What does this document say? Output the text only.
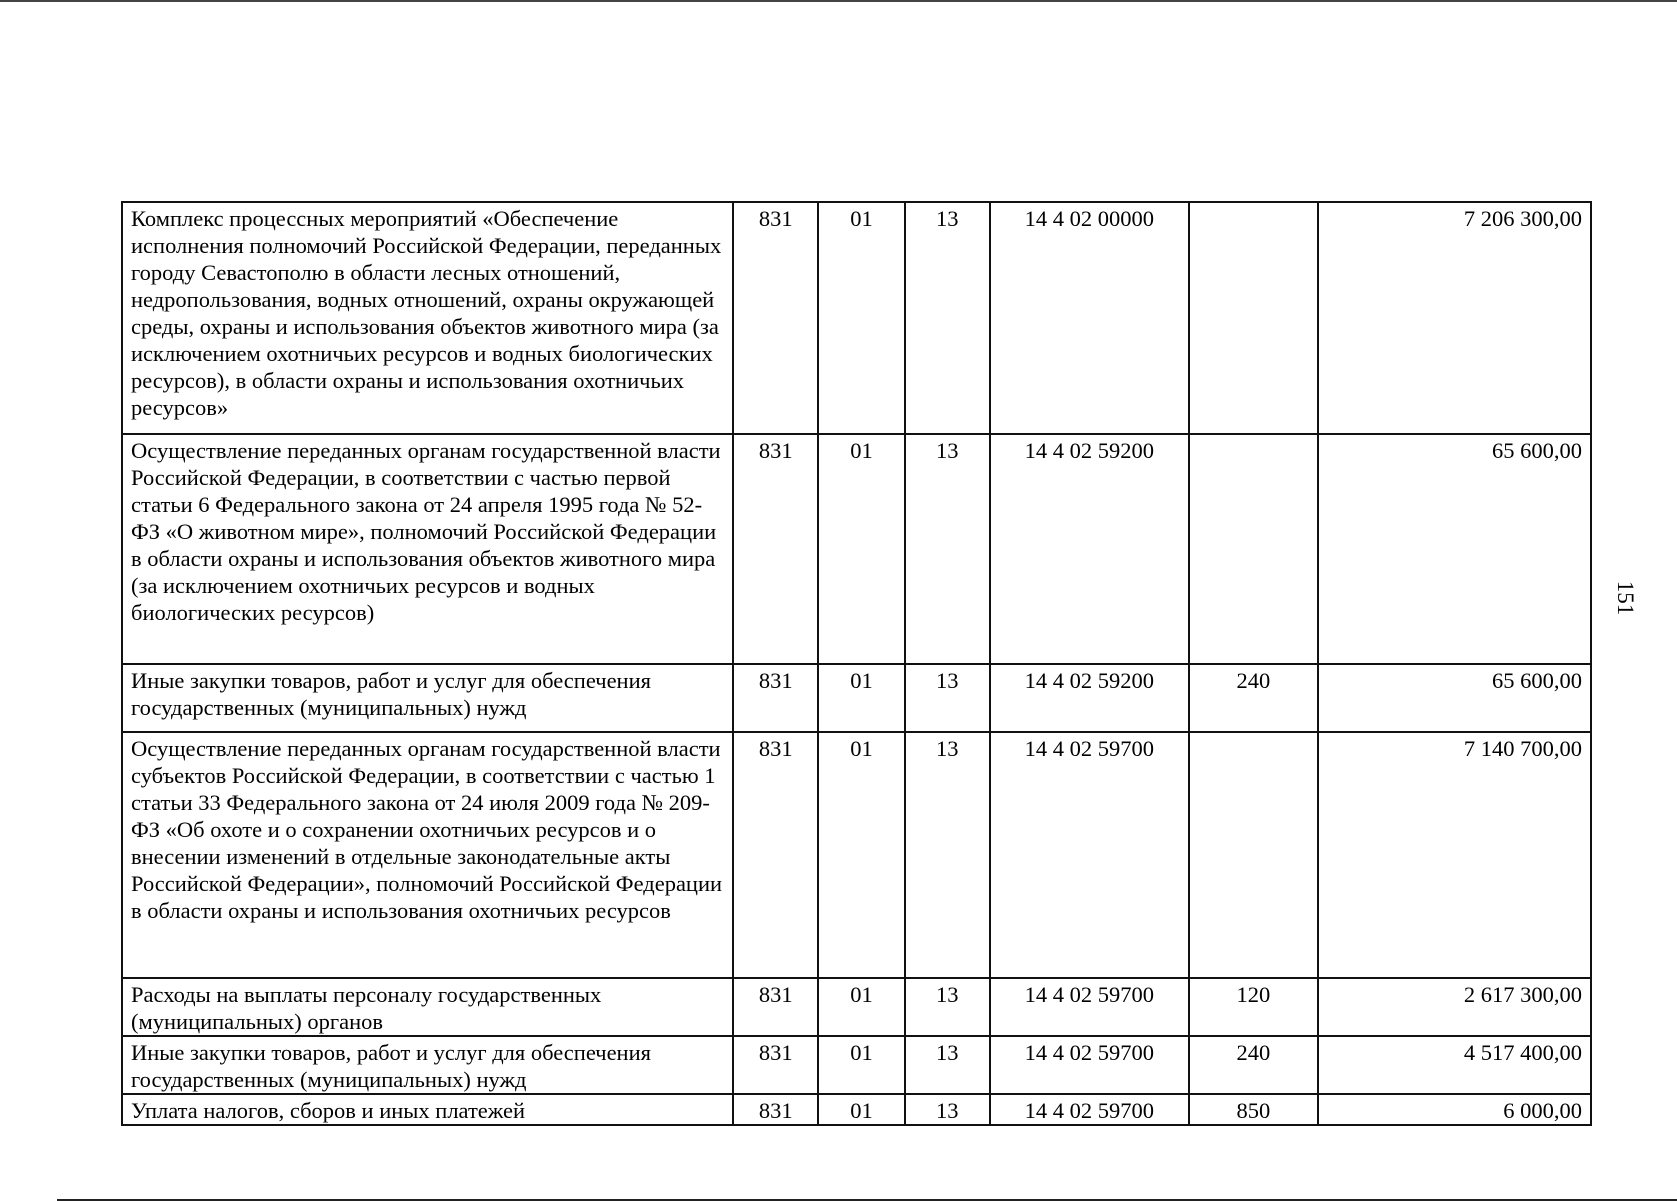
Комплекс процессных мероприятий «Обеспечение исполнения полномочий Российской Федерации, переданных городу Севастополю в области лесных отношений, недропользования, водных отношений, охраны окружающей среды, охраны и использования объектов животного мира (за исключением охотничьих ресурсов и водных биологических ресурсов), в области охраны и использования охотничьих ресурсов»	831	01	13	14 4 02 00000		7 206 300,00
Осуществление переданных органам государственной власти Российской Федерации, в соответствии с частью первой статьи 6 Федерального закона от 24 апреля 1995 года № 52-ФЗ «О животном мире», полномочий Российской Федерации в области охраны и использования объектов животного мира (за исключением охотничьих ресурсов и водных биологических ресурсов)	831	01	13	14 4 02 59200		65 600,00
Иные закупки товаров, работ и услуг для обеспечения государственных (муниципальных) нужд	831	01	13	14 4 02 59200	240	65 600,00
Осуществление переданных органам государственной власти субъектов Российской Федерации, в соответствии с частью 1 статьи 33 Федерального закона от 24 июля 2009 года № 209-ФЗ «Об охоте и о сохранении охотничьих ресурсов и о внесении изменений в отдельные законодательные акты Российской Федерации», полномочий Российской Федерации в области охраны и использования охотничьих ресурсов	831	01	13	14 4 02 59700		7 140 700,00
Расходы на выплаты персоналу государственных (муниципальных) органов	831	01	13	14 4 02 59700	120	2 617 300,00
Иные закупки товаров, работ и услуг для обеспечения государственных (муниципальных) нужд	831	01	13	14 4 02 59700	240	4 517 400,00
Уплата налогов, сборов и иных платежей	831	01	13	14 4 02 59700	850	6 000,00
151
